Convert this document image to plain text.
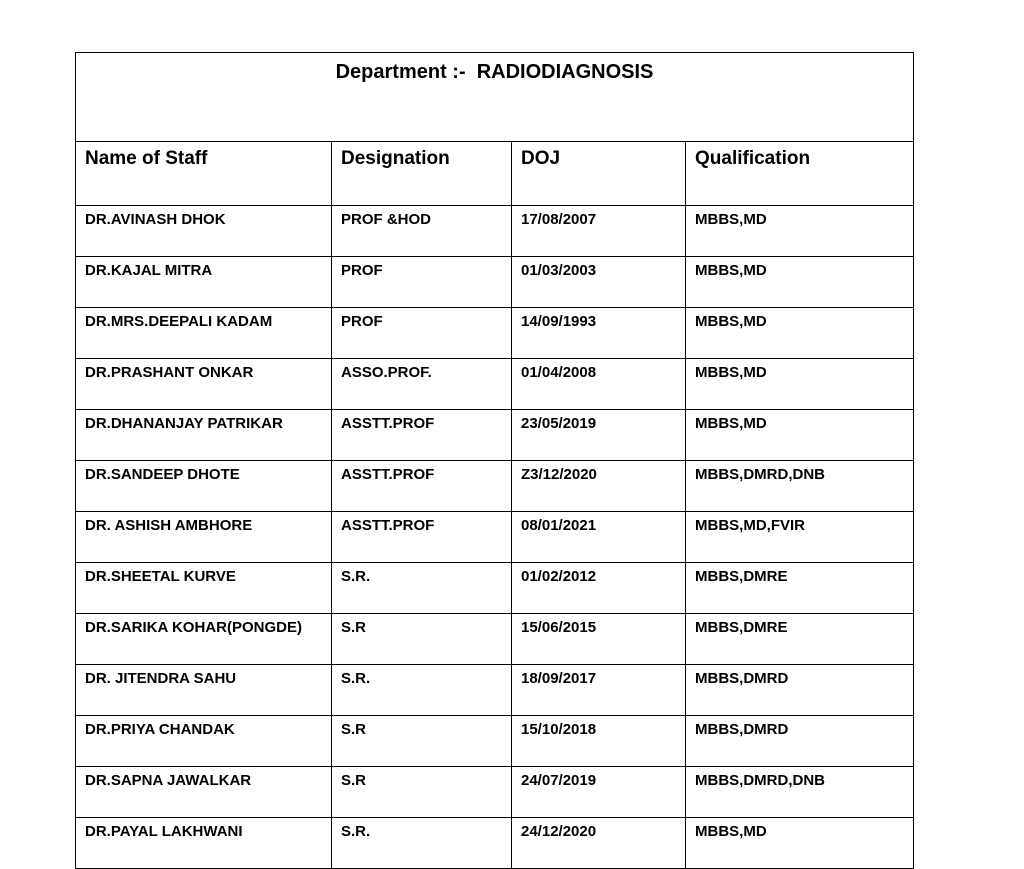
Department :-  RADIODIAGNOSIS			
Name of Staff	Designation	DOJ	Qualification
DR.AVINASH DHOK	PROF &HOD	17/08/2007	MBBS,MD
DR.KAJAL MITRA	PROF	01/03/2003	MBBS,MD
DR.MRS.DEEPALI KADAM	PROF	14/09/1993	MBBS,MD
DR.PRASHANT ONKAR	ASSO.PROF.	01/04/2008	MBBS,MD
DR.DHANANJAY PATRIKAR	ASSTT.PROF	23/05/2019	MBBS,MD
DR.SANDEEP DHOTE	ASSTT.PROF	Z3/12/2020	MBBS,DMRD,DNB
DR. ASHISH AMBHORE	ASSTT.PROF	08/01/2021	MBBS,MD,FVIR
DR.SHEETAL KURVE	S.R.	01/02/2012	MBBS,DMRE
DR.SARIKA KOHAR(PONGDE)	S.R	15/06/2015	MBBS,DMRE
DR. JITENDRA SAHU	S.R.	18/09/2017	MBBS,DMRD
DR.PRIYA CHANDAK	S.R	15/10/2018	MBBS,DMRD
DR.SAPNA JAWALKAR	S.R	24/07/2019	MBBS,DMRD,DNB
DR.PAYAL LAKHWANI	S.R.	24/12/2020	MBBS,MD
